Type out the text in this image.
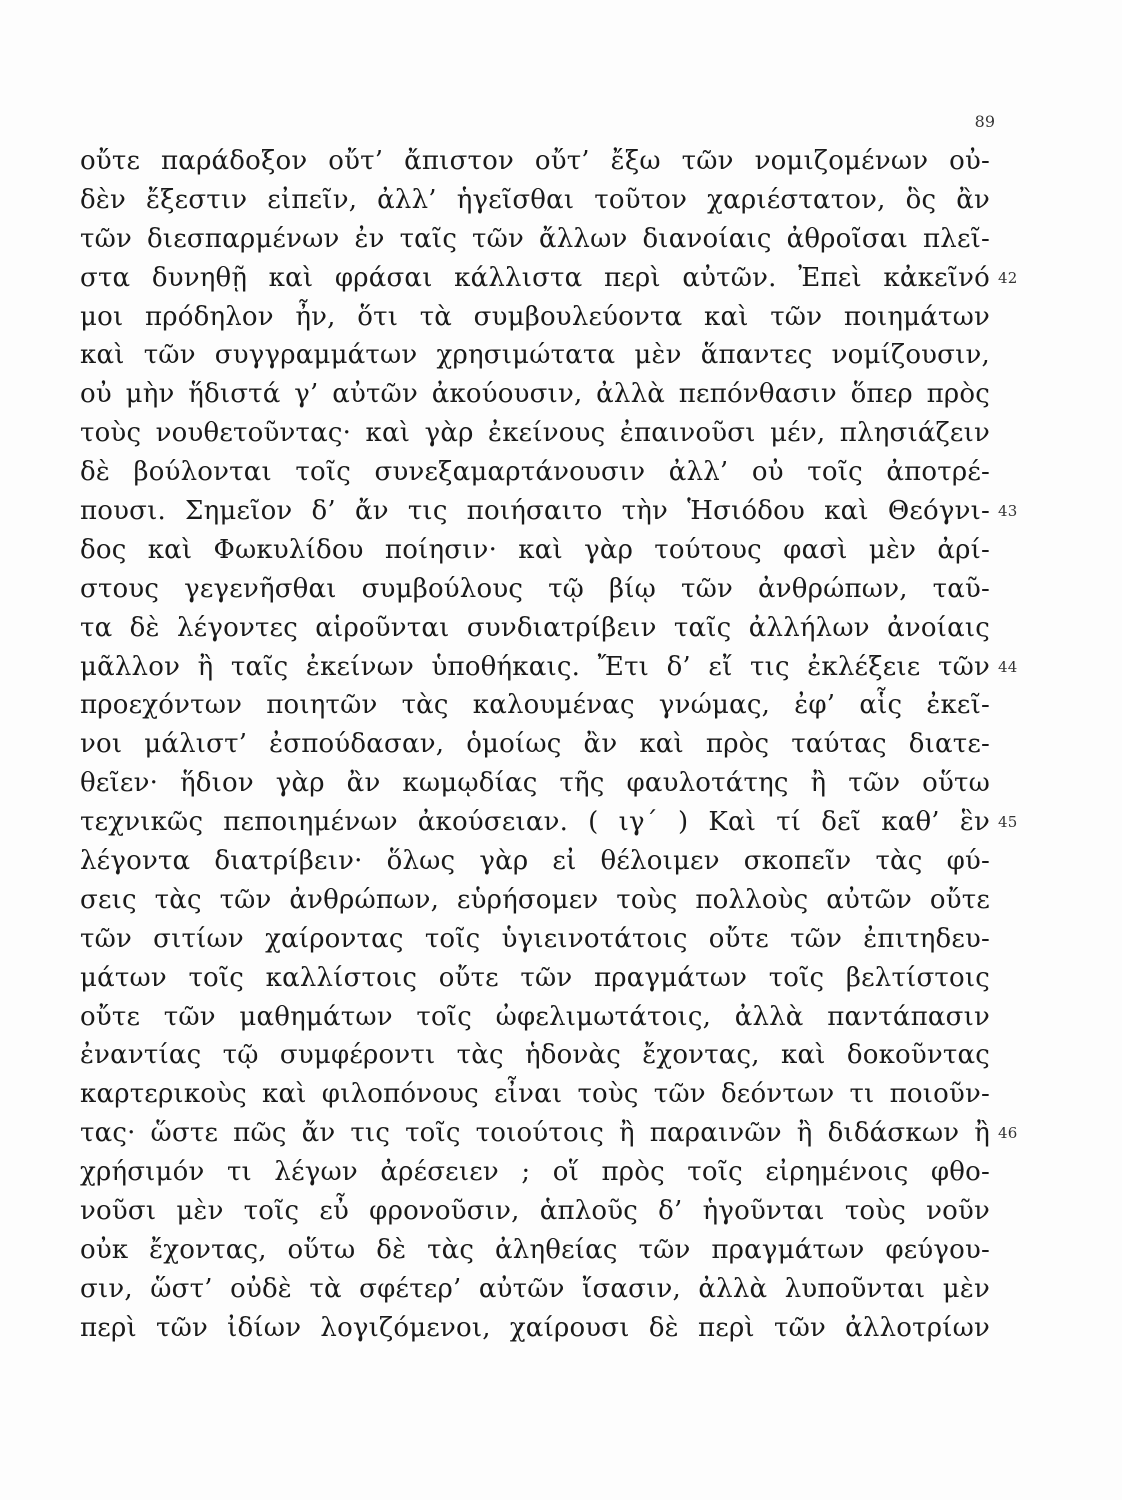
89
οὔτε παράδοξον οὔτ’ ἄπιστον οὔτ’ ἔξω τῶν νομιζομένων οὐ-
δὲν ἔξεστιν εἰπεῖν, ἀλλ’ ἡγεῖσθαι τοῦτον χαριέστατον, ὃς ἂν
τῶν διεσπαρμένων ἐν ταῖς τῶν ἄλλων διανοίαις ἀθροῖσαι πλεῖ-
στα δυνηθῇ καὶ φράσαι κάλλιστα περὶ αὐτῶν. Ἐπεὶ κἀκεῖνό 42
μοι πρόδηλον ἦν, ὅτι τὰ συμβουλεύοντα καὶ τῶν ποιημάτων
καὶ τῶν συγγραμμάτων χρησιμώτατα μὲν ἅπαντες νομίζουσιν,
οὐ μὴν ἥδιστά γ’ αὐτῶν ἀκούουσιν, ἀλλὰ πεπόνθασιν ὅπερ πρὸς
τοὺς νουθετοῦντας· καὶ γὰρ ἐκείνους ἐπαινοῦσι μέν, πλησιάζειν
δὲ βούλονται τοῖς συνεξαμαρτάνουσιν ἀλλ’ οὐ τοῖς ἀποτρέ-
πουσι. Σημεῖον δ’ ἄν τις ποιήσαιτο τὴν Ἡσιόδου καὶ Θεόγνι- 43
δος καὶ Φωκυλίδου ποίησιν· καὶ γὰρ τούτους φασὶ μὲν ἀρί-
στους γεγενῆσθαι συμβούλους τῷ βίῳ τῶν ἀνθρώπων, ταῦ-
τα δὲ λέγοντες αἱροῦνται συνδιατρίβειν ταῖς ἀλλήλων ἀνοίαις
μᾶλλον ἢ ταῖς ἐκείνων ὑποθήκαις. Ἔτι δ’ εἴ τις ἐκλέξειε τῶν 44
προεχόντων ποιητῶν τὰς καλουμένας γνώμας, ἐφ’ αἷς ἐκεῖ-
νοι μάλιστ’ ἐσπούδασαν, ὁμοίως ἂν καὶ πρὸς ταύτας διατε-
θεῖεν· ἥδιον γὰρ ἂν κωμῳδίας τῆς φαυλοτάτης ἢ τῶν οὕτω
τεχνικῶς πεποιημένων ἀκούσειαν. ( ιγ΄ ) Καὶ τί δεῖ καθ’ ἓν 45
λέγοντα διατρίβειν· ὅλως γὰρ εἰ θέλοιμεν σκοπεῖν τὰς φύ-
σεις τὰς τῶν ἀνθρώπων, εὑρήσομεν τοὺς πολλοὺς αὐτῶν οὔτε
τῶν σιτίων χαίροντας τοῖς ὑγιεινοτάτοις οὔτε τῶν ἐπιτηδευ-
μάτων τοῖς καλλίστοις οὔτε τῶν πραγμάτων τοῖς βελτίστοις
οὔτε τῶν μαθημάτων τοῖς ὠφελιμωτάτοις, ἀλλὰ παντάπασιν
ἐναντίας τῷ συμφέροντι τὰς ἡδονὰς ἔχοντας, καὶ δοκοῦντας
καρτερικοὺς καὶ φιλοπόνους εἶναι τοὺς τῶν δεόντων τι ποιοῦν-
τας· ὥστε πῶς ἄν τις τοῖς τοιούτοις ἢ παραινῶν ἢ διδάσκων ἢ 46
χρήσιμόν τι λέγων ἀρέσειεν ; οἵ πρὸς τοῖς εἰρημένοις φθο-
νοῦσι μὲν τοῖς εὖ φρονοῦσιν, ἁπλοῦς δ’ ἡγοῦνται τοὺς νοῦν
οὐκ ἔχοντας, οὕτω δὲ τὰς ἀληθείας τῶν πραγμάτων φεύγου-
σιν, ὥστ’ οὐδὲ τὰ σφέτερ’ αὐτῶν ἴσασιν, ἀλλὰ λυποῦνται μὲν
περὶ τῶν ἰδίων λογιζόμενοι, χαίρουσι δὲ περὶ τῶν ἀλλοτρίων
